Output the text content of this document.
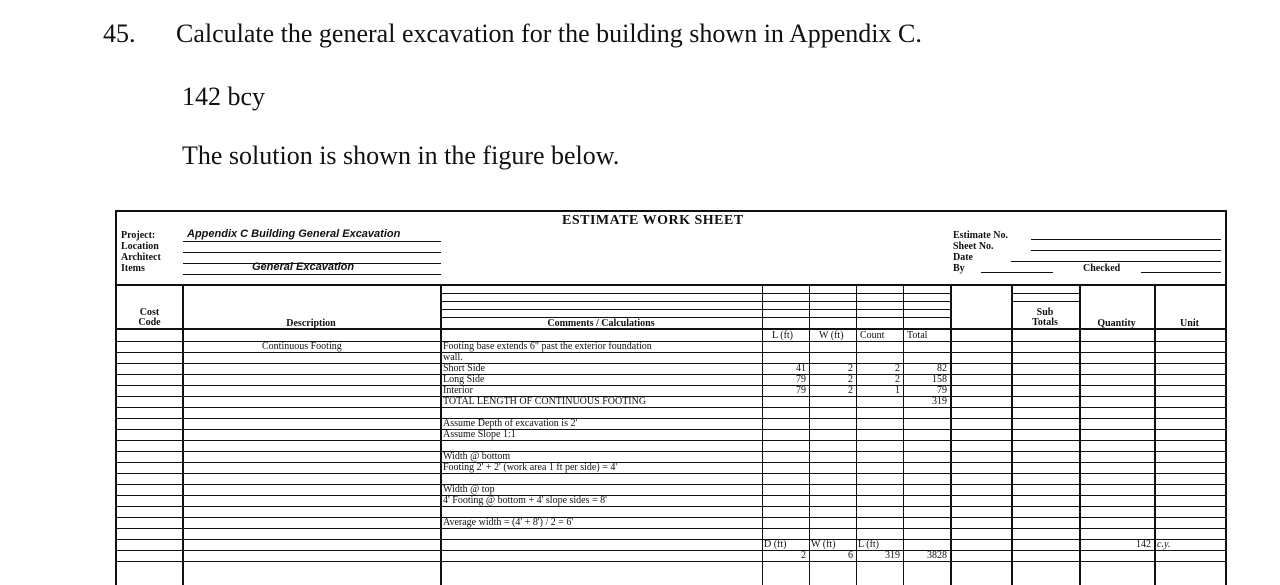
45. Calculate the general excavation for the building shown in Appendix C.
142 bcy
The solution is shown in the figure below.
ESTIMATE WORK SHEET
Project:
Location
Architect
Items
Appendix C Building General Excavation
General Excavation
Estimate No.
Sheet No.
Date
By	Checked
Cost
Code	Description	Comments / Calculations
Sub
Totals	Quantity	Unit
L (ft)	W (ft) Count Total
Continuous Footing	Footing base extends 6" past the exterior foundation
wall.
Short Side	41	2	2	82
Long Side	79	2	2	158
Interior	79	2	1	79
TOTAL LENGTH OF CONTINUOUS FOOTING	319
Assume Depth of excavation is 2'
Assume Slope 1:1
Width @ bottom
Footing 2' + 2' (work area 1 ft per side) = 4'
Width @ top
4' Footing @ bottom + 4' slope sides = 8'
Average width = (4' + 8') / 2 = 6'
D (ft) W (ft) L (ft)
2	6	319	3828
142 c.y.
